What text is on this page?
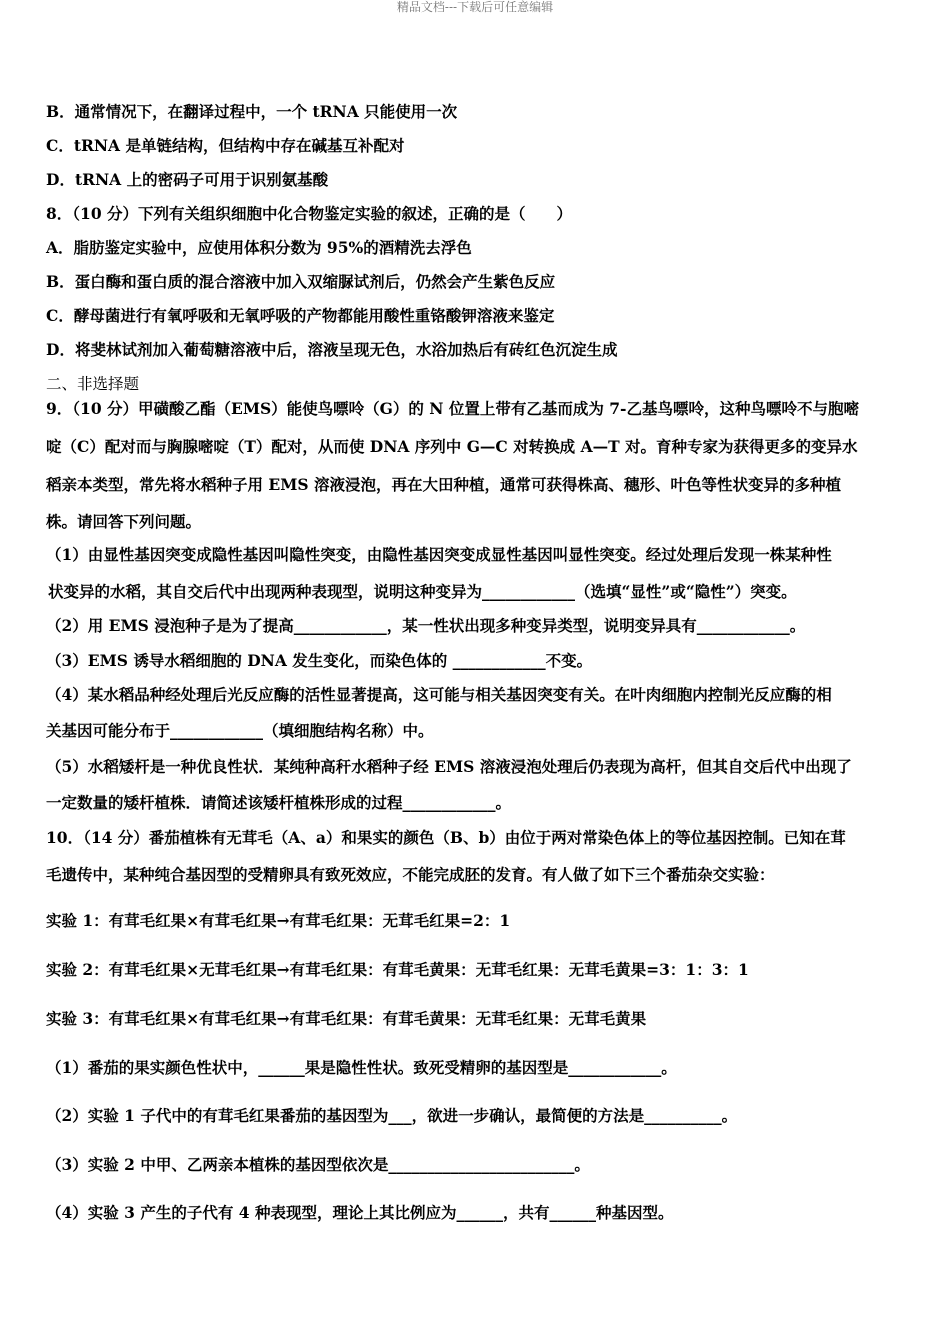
精品文档---下载后可任意编辑
B．通常情况下，在翻译过程中，一个 tRNA 只能使用一次
C．tRNA 是单链结构，但结构中存在碱基互补配对
D．tRNA 上的密码子可用于识别氨基酸
8．（10 分）下列有关组织细胞中化合物鉴定实验的叙述，正确的是（　　）
A．脂肪鉴定实验中，应使用体积分数为 95%的酒精洗去浮色
B．蛋白酶和蛋白质的混合溶液中加入双缩脲试剂后，仍然会产生紫色反应
C．酵母菌进行有氧呼吸和无氧呼吸的产物都能用酸性重铬酸钾溶液来鉴定
D．将斐林试剂加入葡萄糖溶液中后，溶液呈现无色，水浴加热后有砖红色沉淀生成
二、非选择题
9．（10 分）甲磺酸乙酯（EMS）能使鸟嘌呤（G）的 N 位置上带有乙基而成为 7-乙基鸟嘌呤，这种鸟嘌呤不与胞嘧
啶（C）配对而与胸腺嘧啶（T）配对，从而使 DNA 序列中 G—C 对转换成 A—T 对。育种专家为获得更多的变异水
稻亲本类型，常先将水稻种子用 EMS 溶液浸泡，再在大田种植，通常可获得株高、穗形、叶色等性状变异的多种植
株。请回答下列问题。
（1）由显性基因突变成隐性基因叫隐性突变，由隐性基因突变成显性基因叫显性突变。经过处理后发现一株某种性
状变异的水稻，其自交后代中出现两种表现型，说明这种变异为____________（选填“显性”或“隐性”）突变。
（2）用 EMS 浸泡种子是为了提高____________，某一性状出现多种变异类型，说明变异具有____________。
（3）EMS 诱导水稻细胞的 DNA 发生变化，而染色体的 ____________不变。
（4）某水稻品种经处理后光反应酶的活性显著提高，这可能与相关基因突变有关。在叶肉细胞内控制光反应酶的相
关基因可能分布于____________（填细胞结构名称）中。
（5）水稻矮杆是一种优良性状．某纯种高秆水稻种子经 EMS 溶液浸泡处理后仍表现为高杆，但其自交后代中出现了
一定数量的矮杆植株．请简述该矮杆植株形成的过程____________。
10．（14 分）番茄植株有无茸毛（A、a）和果实的颜色（B、b）由位于两对常染色体上的等位基因控制。已知在茸
毛遗传中，某种纯合基因型的受精卵具有致死效应，不能完成胚的发育。有人做了如下三个番茄杂交实验：
实验 1：有茸毛红果×有茸毛红果→有茸毛红果：无茸毛红果=2：1
实验 2：有茸毛红果×无茸毛红果→有茸毛红果：有茸毛黄果：无茸毛红果：无茸毛黄果=3：1：3：1
实验 3：有茸毛红果×有茸毛红果→有茸毛红果：有茸毛黄果：无茸毛红果：无茸毛黄果
（1）番茄的果实颜色性状中，______果是隐性性状。致死受精卵的基因型是____________。
（2）实验 1 子代中的有茸毛红果番茄的基因型为___，欲进一步确认，最简便的方法是__________。
（3）实验 2 中甲、乙两亲本植株的基因型依次是________________________。
（4）实验 3 产生的子代有 4 种表现型，理论上其比例应为______，共有______种基因型。
